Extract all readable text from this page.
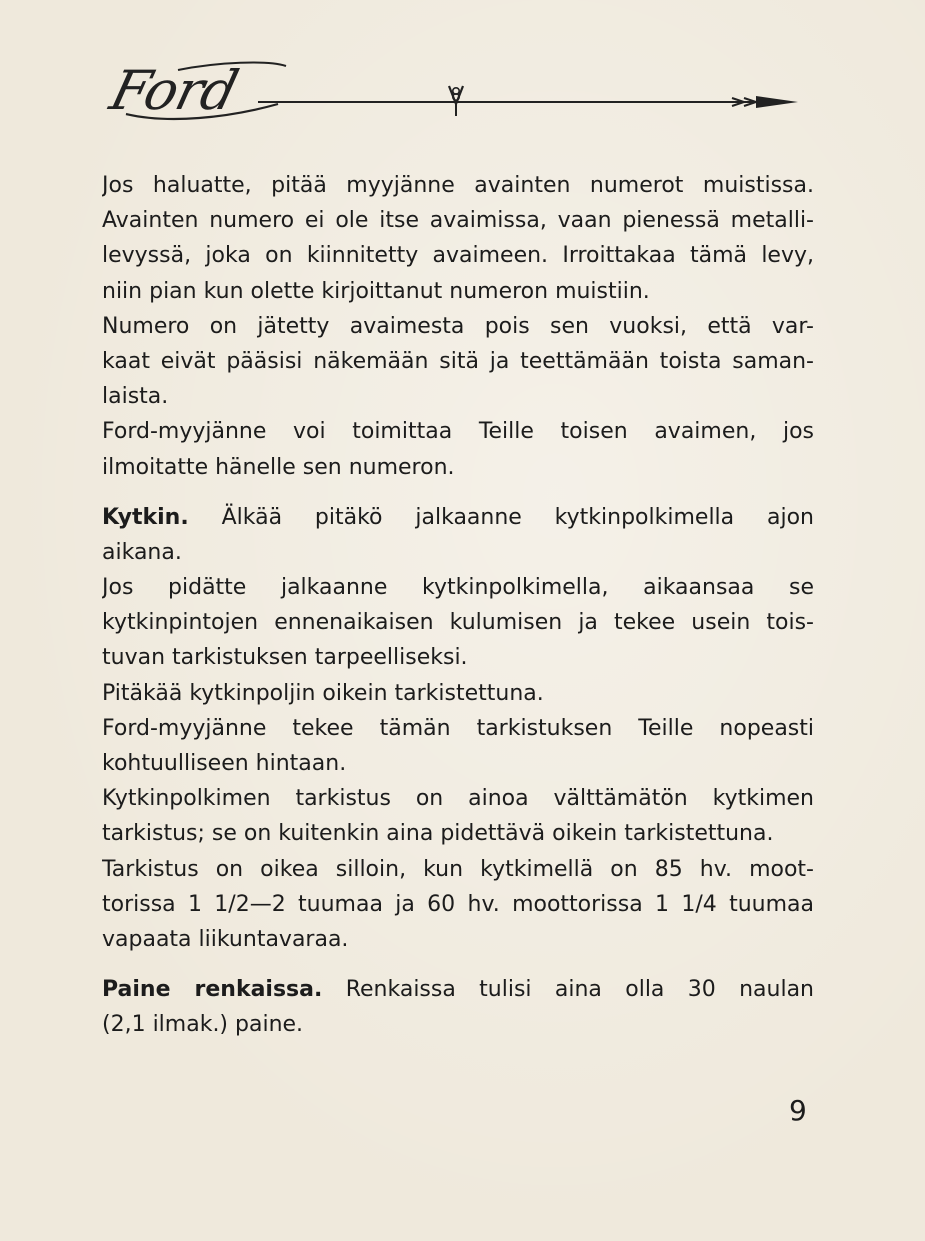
Ford
Jos haluatte, pitää myyjänne avainten numerot muistissa.
Avainten numero ei ole itse avaimissa, vaan pienessä metalli-
levyssä, joka on kiinnitetty avaimeen. Irroittakaa tämä levy,
niin pian kun olette kirjoittanut numeron muistiin.
Numero on jätetty avaimesta pois sen vuoksi, että var-
kaat eivät pääsisi näkemään sitä ja teettämään toista saman-
laista.
Ford-myyjänne voi toimittaa Teille toisen avaimen, jos
ilmoitatte hänelle sen numeron.
Kytkin. Älkää pitäkö jalkaanne kytkinpolkimella ajon
aikana.
Jos pidätte jalkaanne kytkinpolkimella, aikaansaa se
kytkinpintojen ennenaikaisen kulumisen ja tekee usein tois-
tuvan tarkistuksen tarpeelliseksi.
Pitäkää kytkinpoljin oikein tarkistettuna.
Ford-myyjänne tekee tämän tarkistuksen Teille nopeasti
kohtuulliseen hintaan.
Kytkinpolkimen tarkistus on ainoa välttämätön kytkimen
tarkistus; se on kuitenkin aina pidettävä oikein tarkistettuna.
Tarkistus on oikea silloin, kun kytkimellä on 85 hv. moot-
torissa 1 1/2—2 tuumaa ja 60 hv. moottorissa 1 1/4 tuumaa
vapaata liikuntavaraa.
Paine renkaissa. Renkaissa tulisi aina olla 30 naulan
(2,1 ilmak.) paine.
9
